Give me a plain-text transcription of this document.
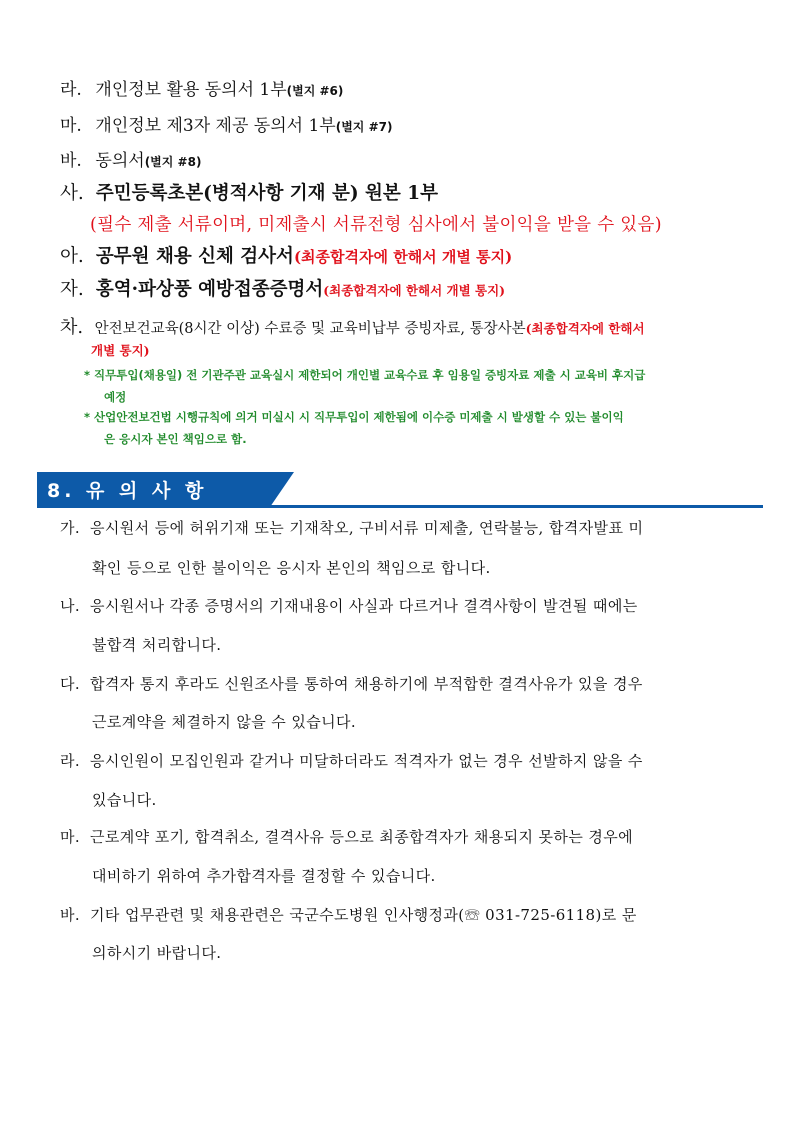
라. 개인정보 활용 동의서 1부(별지 #6)
마. 개인정보 제3자 제공 동의서 1부(별지 #7)
바. 동의서(별지 #8)
사. 주민등록초본(병적사항 기재 분) 원본 1부
(필수 제출 서류이며, 미제출시 서류전형 심사에서 불이익을 받을 수 있음)
아. 공무원 채용 신체 검사서(최종합격자에 한해서 개별 통지)
자. 홍역·파상풍 예방접종증명서(최종합격자에 한해서 개별 통지)
차. 안전보건교육(8시간 이상) 수료증 및 교육비납부 증빙자료, 통장사본(최종합격자에 한해서
개별 통지)
* 직무투입(채용일) 전 기관주관 교육실시 제한되어 개인별 교육수료 후 임용일 증빙자료 제출 시 교육비 후지급
예정
* 산업안전보건법 시행규칙에 의거 미실시 시 직무투입이 제한됨에 이수증 미제출 시 발생할 수 있는 불이익
은 응시자 본인 책임으로 함.
8. 유 의 사 항
가. 응시원서 등에 허위기재 또는 기재착오, 구비서류 미제출, 연락불능, 합격자발표 미
확인 등으로 인한 불이익은 응시자 본인의 책임으로 합니다.
나. 응시원서나 각종 증명서의 기재내용이 사실과 다르거나 결격사항이 발견될 때에는
불합격 처리합니다.
다. 합격자 통지 후라도 신원조사를 통하여 채용하기에 부적합한 결격사유가 있을 경우
근로계약을 체결하지 않을 수 있습니다.
라. 응시인원이 모집인원과 같거나 미달하더라도 적격자가 없는 경우 선발하지 않을 수
있습니다.
마. 근로계약 포기, 합격취소, 결격사유 등으로 최종합격자가 채용되지 못하는 경우에
대비하기 위하여 추가합격자를 결정할 수 있습니다.
바. 기타 업무관련 및 채용관련은 국군수도병원 인사행정과(☏ 031-725-6118)로 문
의하시기 바랍니다.
